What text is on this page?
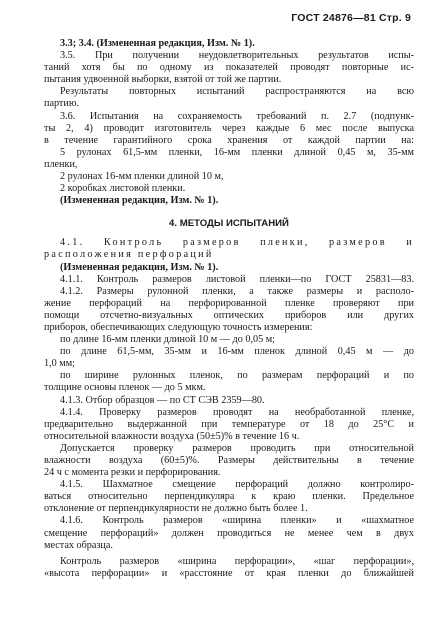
ГОСТ 24876—81 Стр. 9
3.3; 3.4. (Измененная редакция, Изм. № 1).
3.5. При получении неудовлетворительных результатов испы-
таний хотя бы по одному из показателей проводят повторные ис-
пытания удвоенной выборки, взятой от той же партии.
Результаты повторных испытаний распространяются на всю
партию.
3.6. Испытания на сохраняемость требований п. 2.7 (подпунк-
ты 2, 4) проводит изготовитель через каждые 6 мес после выпуска
в течение гарантийного срока хранения от каждой партии на:
5 рулонах 61,5-мм пленки, 16-мм пленки длиной 0,45 м, 35-мм
пленки,
2 рулонах 16-мм пленки длиной 10 м,
2 коробках листовой пленки.
(Измененная редакция, Изм. № 1).
4. МЕТОДЫ ИСПЫТАНИЙ
4.1. Контроль размеров пленки, размеров и
расположения перфораций
(Измененная редакция, Изм. № 1).
4.1.1. Контроль размеров листовой пленки—по ГОСТ 25831—83.
4.1.2. Размеры рулонной пленки, а также размеры и располо-
жение перфораций на перфорированной пленке проверяют при
помощи отсчетно-визуальных оптических приборов или других
приборов, обеспечивающих следующую точность измерения:
по длине 16-мм пленки длиной 10 м — до 0,05 м;
по длине 61,5-мм, 35-мм и 16-мм пленок длиной 0,45 м — до
1,0 мм;
по ширине рулонных пленок, по размерам перфораций и по
толщине основы пленок — до 5 мкм.
4.1.3. Отбор образцов — по СТ СЭВ 2359—80.
4.1.4. Проверку размеров проводят на необработанной пленке,
предварительно выдержанной при температуре от 18 до 25°С и
относительной влажности воздуха (50±5)% в течение 16 ч.
Допускается проверку размеров проводить при относительной
влажности воздуха (60±5)%. Размеры действительны в течение
24 ч с момента резки и перфорирования.
4.1.5. Шахматное смещение перфораций должно контролиро-
ваться относительно перпендикуляра к краю пленки. Предельное
отклонение от перпендикулярности не должно быть более 1.
4.1.6. Контроль размеров «ширина пленки» и «шахматное
смещение перфораций» должен проводиться не менее чем в двух
местах образца.
Контроль размеров «ширина перфорации», «шаг перфорации»,
«высота перфорации» и «расстояние от края пленки до ближайшей
